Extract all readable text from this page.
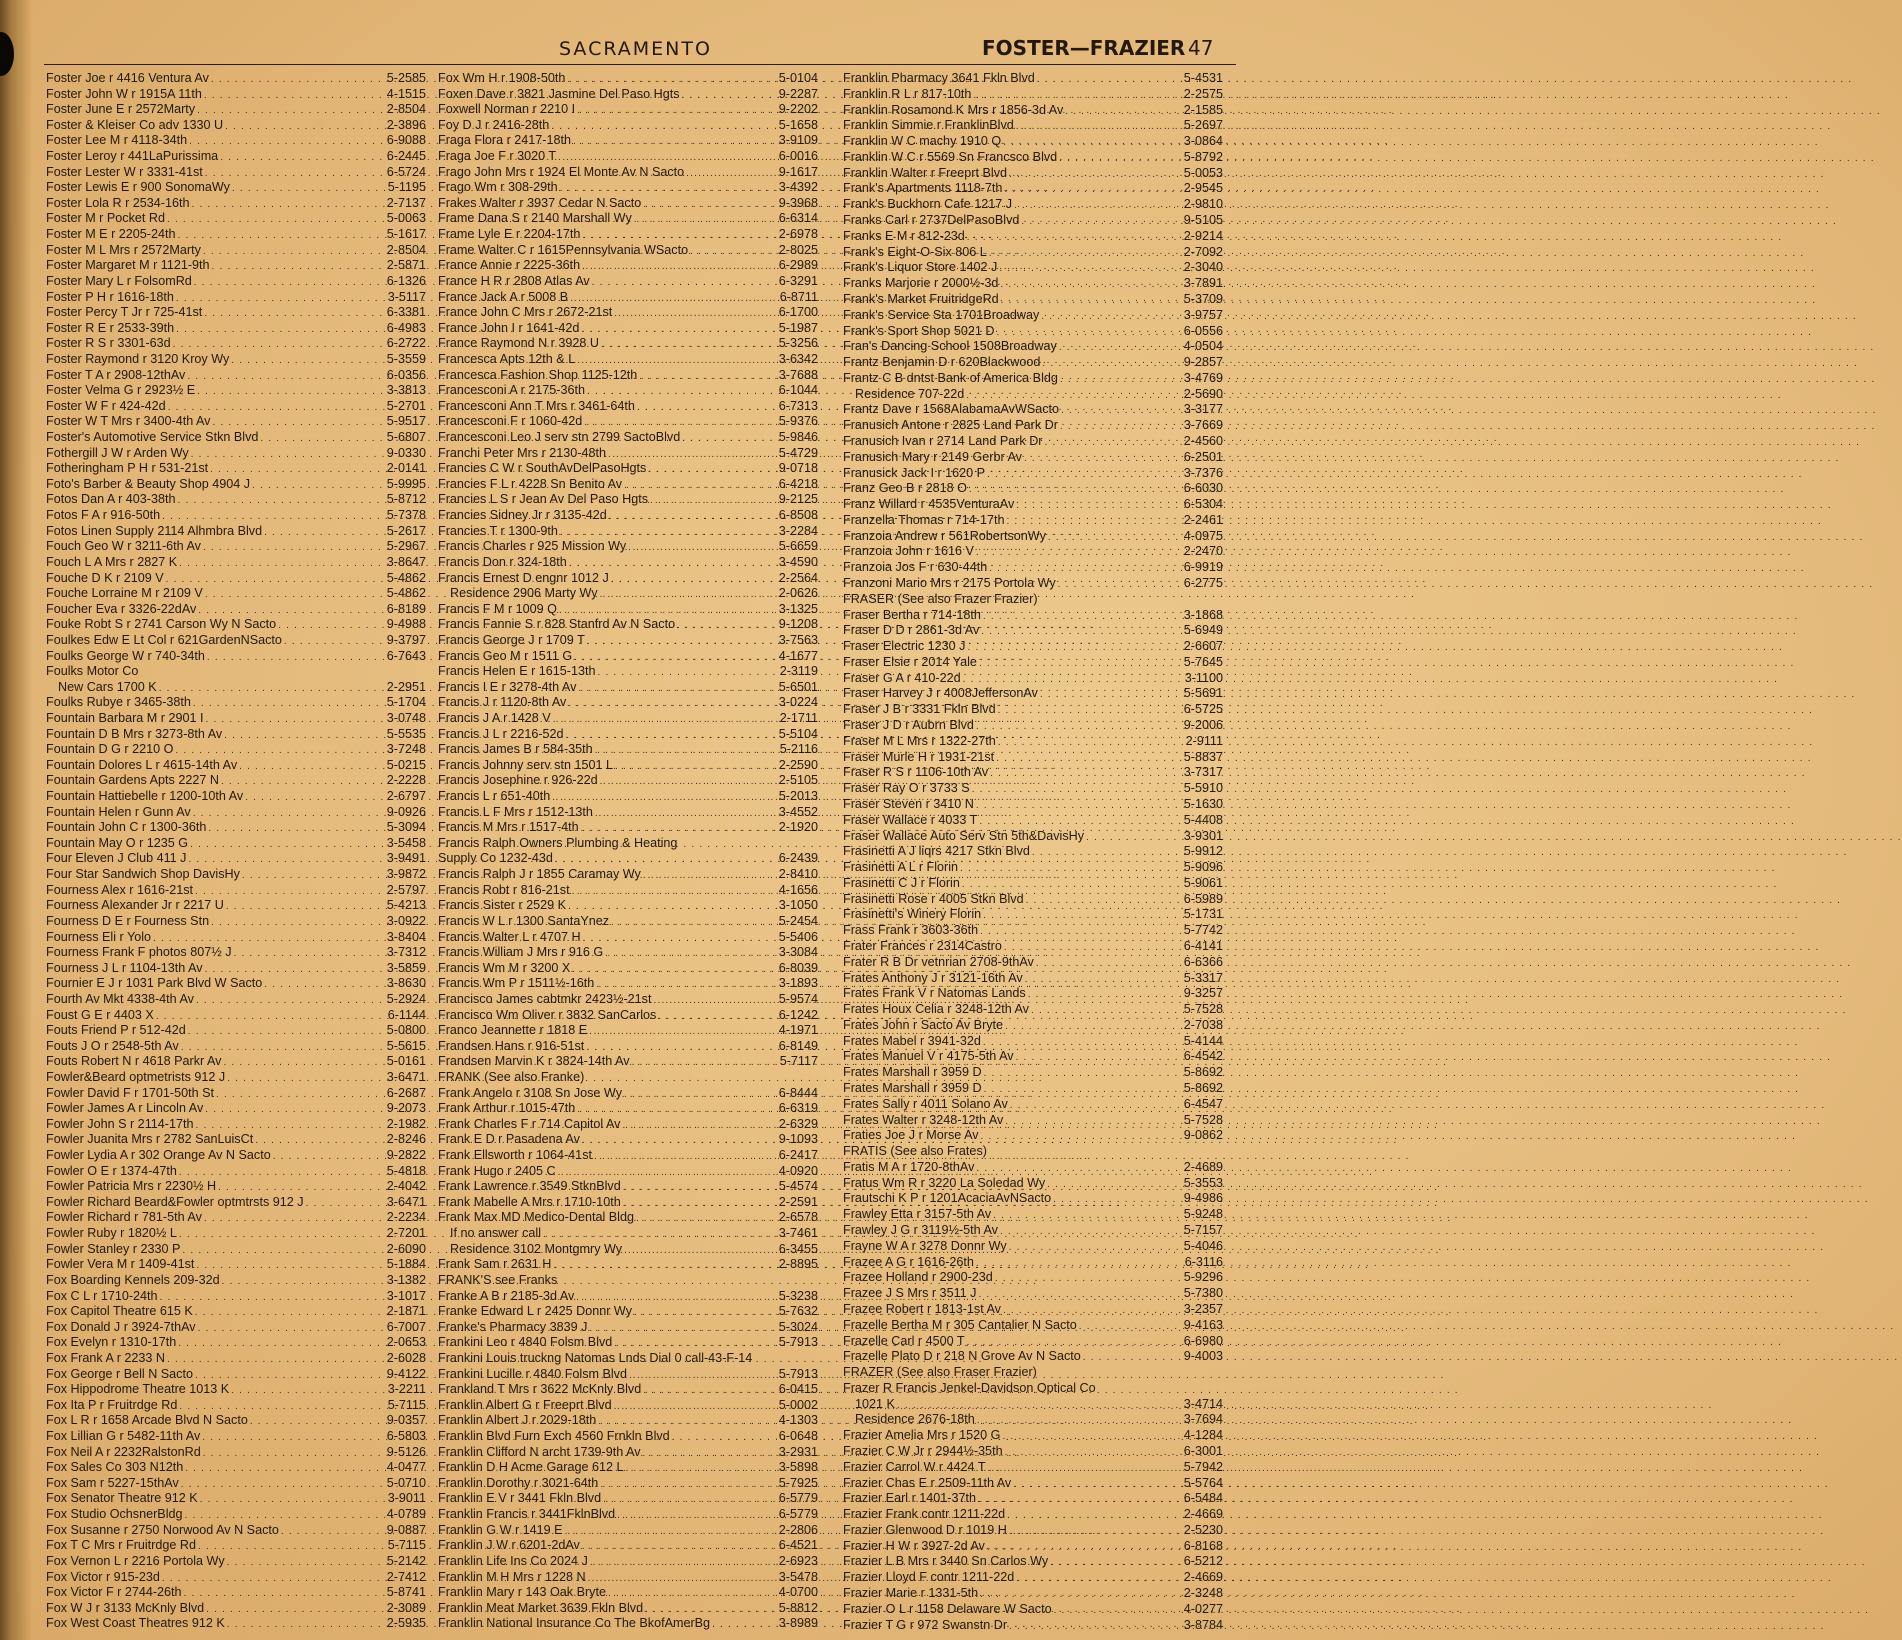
SACRAMENTO	FOSTER—FRAZIER 47
Foster Joe r 4416 Ventura Av . . .	5-2585
Foster John W r 1915A 11th . . .	4-1515
Foster June E r 2572Marty . . .	2-8504
Foster & Kleiser Co adv 1330 U . . .	2-3896
Foster Lee M r 4118-34th . . .	6-9088
Foster Leroy r 441LaPurissima . . .	6-2445
Foster Lester W r 3331-41st . . .	6-5724
Foster Lewis E r 900 SonomaWy . . .	5-1195
Foster Lola R r 2534-16th . . .	2-7137
Foster M r Pocket Rd . . .	5-0063
Foster M E r 2205-24th . . .	5-1617
Foster M L Mrs r 2572Marty . . .	2-8504
Foster Margaret M r 1121-9th . . .	2-5871
Foster Mary L r FolsomRd . . .	6-1326
Foster P H r 1616-18th . . .	3-5117
Foster Percy T Jr r 725-41st . . .	6-3381
Foster R E r 2533-39th . . .	6-4983
Foster R S r 3301-63d . . .	6-2722
Foster Raymond r 3120 Kroy Wy . . .	5-3559
Foster T A r 2908-12thAv . . .	6-0356
Foster Velma G r 2923½ E . . .	3-3813
Foster W F r 424-42d . . .	5-2701
Foster W T Mrs r 3400-4th Av . . .	5-9517
Foster's Automotive Service Stkn Blvd . . .	5-6807
Fothergill J W r Arden Wy . . .	9-0330
Fotheringham P H r 531-21st . . .	2-0141
Foto's Barber & Beauty Shop 4904 J . . .	5-9995
Fotos Dan A r 403-38th . . .	5-8712
Fotos F A r 916-50th . . .	5-7378
Fotos Linen Supply 2114 Alhmbra Blvd . . .	5-2617
Fouch Geo W r 3211-6th Av . . .	5-2967
Fouch L A Mrs r 2827 K . . .	3-8647
Fouche D K r 2109 V . . .	5-4862
Fouche Lorraine M r 2109 V . . .	5-4862
Foucher Eva r 3326-22dAv . . .	6-8189
Fouke Robt S r 2741 Carson Wy N Sacto . . .	9-4988
Foulkes Edw E Lt Col r 621GardenNSacto . . .	9-3797
Foulks George W r 740-34th . . .	6-7643
Foulks Motor Co
New Cars 1700 K . . .	2-2951
Foulks Rubye r 3465-38th . . .	5-1704
Fountain Barbara M r 2901 I . . .	3-0748
Fountain D B Mrs r 3273-8th Av . . .	5-5535
Fountain D G r 2210 O . . .	3-7248
Fountain Dolores L r 4615-14th Av . . .	5-0215
Fountain Gardens Apts 2227 N . . .	2-2228
Fountain Hattiebelle r 1200-10th Av . . .	2-6797
Fountain Helen r Gunn Av . . .	9-0926
Fountain John C r 1300-36th . . .	5-3094
Fountain May O r 1235 G . . .	3-5458
Four Eleven J Club 411 J . . .	3-9491
Four Star Sandwich Shop DavisHy . . .	3-9872
Fourness Alex r 1616-21st . . .	2-5797
Fourness Alexander Jr r 2217 U . . .	5-4213
Fourness D E r Fourness Stn . . .	3-0922
Fourness Eli r Yolo . . .	3-8404
Fourness Frank F photos 807½ J . . .	3-7312
Fourness J L r 1104-13th Av . . .	3-5859
Fournier E J r 1031 Park Blvd W Sacto . . .	3-8630
Fourth Av Mkt 4338-4th Av . . .	5-2924
Foust G E r 4403 X . . .	6-1144
Fouts Friend P r 512-42d . . .	5-0800
Fouts J O r 2548-5th Av . . .	5-5615
Fouts Robert N r 4618 Parkr Av . . .	5-0161
Fowler&Beard optmetrists 912 J . . .	3-6471
Fowler David F r 1701-50th St . . .	6-2687
Fowler James A r Lincoln Av . . .	9-2073
Fowler John S r 2114-17th . . .	2-1982
Fowler Juanita Mrs r 2782 SanLuisCt . . .	2-8246
Fowler Lydia A r 302 Orange Av N Sacto . . .	9-2822
Fowler O E r 1374-47th . . .	5-4818
Fowler Patricia Mrs r 2230½ H . . .	2-4042
Fowler Richard Beard&Fowler optmtrsts 912 J . . .	3-6471
Fowler Richard r 781-5th Av . . .	2-2234
Fowler Ruby r 1820½ L . . .	2-7201
Fowler Stanley r 2330 P . . .	2-6090
Fowler Vera M r 1409-41st . . .	5-1884
Fox Boarding Kennels 209-32d . . .	3-1382
Fox C L r 1710-24th . . .	3-1017
Fox Capitol Theatre 615 K . . .	2-1871
Fox Donald J r 3924-7thAv . . .	6-7007
Fox Evelyn r 1310-17th . . .	2-0653
Fox Frank A r 2233 N . . .	2-6028
Fox George r Bell N Sacto . . .	9-4122
Fox Hippodrome Theatre 1013 K . . .	3-2211
Fox Ita P r Fruitrdge Rd . . .	5-7115
Fox L R r 1658 Arcade Blvd N Sacto . . .	9-0357
Fox Lillian G r 5482-11th Av . . .	6-5803
Fox Neil A r 2232RalstonRd . . .	9-5126
Fox Sales Co 303 N12th . . .	4-0477
Fox Sam r 5227-15thAv . . .	5-0710
Fox Senator Theatre 912 K . . .	3-9011
Fox Studio OchsnerBldg . . .	4-0789
Fox Susanne r 2750 Norwood Av N Sacto . . .	9-0887
Fox T C Mrs r Fruitrdge Rd . . .	5-7115
Fox Vernon L r 2216 Portola Wy . . .	5-2142
Fox Victor r 915-23d . . .	2-7412
Fox Victor F r 2744-26th . . .	5-8741
Fox W J r 3133 McKnly Blvd . . .	2-3089
Fox West Coast Theatres 912 K . . .	2-5935
Fox Wm H r 1908-50th . . .	5-0104
Foxen Dave r 3821 Jasmine Del Paso Hgts . . .	9-2287
Foxwell Norman r 2210 I . . .	9-2202
Foy D J r 2416-28th . . .	5-1658
Fraga Flora r 2417-18th . . .	3-9109
Fraga Joe F r 3020 T . . .	6-0016
Frago John Mrs r 1924 El Monte Av N Sacto . . .	9-1617
Frago Wm r 308-29th . . .	3-4392
Frakes Walter r 3937 Cedar N Sacto . . .	9-3968
Frame Dana S r 2140 Marshall Wy . . .	6-6314
Frame Lyle E r 2204-17th . . .	2-6978
Frame Walter C r 1615Pennsylvania WSacto . . .	2-8025
France Annie r 2225-36th . . .	6-2989
France H R r 2808 Atlas Av . . .	6-3291
France Jack A r 5008 B . . .	6-8711
France John C Mrs r 2672-21st . . .	6-1700
France John I r 1641-42d . . .	5-1987
France Raymond N r 3928 U . . .	5-3256
Francesca Apts 12th & L . . .	3-6342
Francesca Fashion Shop 1125-12th . . .	3-7688
Francesconi A r 2175-36th . . .	6-1044
Francesconi Ann T Mrs r 3461-64th . . .	6-7313
Francesconi F r 1060-42d . . .	5-9376
Francesconi Leo J serv stn 2799 SactoBlvd . . .	5-9846
Franchi Peter Mrs r 2130-48th . . .	5-4729
Francies C W r SouthAvDelPasoHgts . . .	9-0718
Francies F L r 4228 Sn Benito Av . . .	6-4218
Francies L S r Jean Av Del Paso Hgts . . .	9-2125
Francies Sidney Jr r 3135-42d . . .	6-8508
Francies T r 1300-9th . . .	3-2284
Francis Charles r 925 Mission Wy . . .	5-6659
Francis Don r 324-18th . . .	3-4590
Francis Ernest D engnr 1012 J . . .	2-2564
Residence 2906 Marty Wy . . .	2-0626
Francis F M r 1009 Q . . .	3-1325
Francis Fannie S r 828 Stanfrd Av N Sacto . . .	9-1208
Francis George J r 1709 T . . .	3-7563
Francis Geo M r 1511 G . . .	4-1677
Francis Helen E r 1615-13th . . .	2-3119
Francis I E r 3278-4th Av . . .	5-6501
Francis J r 1120-8th Av . . .	3-0224
Francis J A r 1428 V . . .	2-1711
Francis J L r 2216-52d . . .	5-5104
Francis James B r 584-35th . . .	5-2116
Francis Johnny serv stn 1501 L . . .	2-2590
Francis Josephine r 926-22d . . .	2-5105
Francis L r 651-40th . . .	5-2013
Francis L F Mrs r 1512-13th . . .	3-4552
Francis M Mrs r 1517-4th . . .	2-1920
Francis Ralph Owners Plumbing & Heating
Supply Co 1232-43d . . .	6-2439
Francis Ralph J r 1855 Caramay Wy . . .	2-8410
Francis Robt r 816-21st . . .	4-1656
Francis Sister r 2529 K . . .	3-1050
Francis W L r 1300 SantaYnez . . .	5-2454
Francis Walter L r 4707 H . . .	5-5406
Francis William J Mrs r 916 G . . .	3-3084
Francis Wm M r 3200 X . . .	6-8039
Francis Wm P r 1511½-16th . . .	3-1893
Francisco James cabtmkr 2423½-21st . . .	5-9574
Francisco Wm Oliver r 3832 SanCarlos . . .	6-1242
Franco Jeannette r 1818 E . . .	4-1971
Frandsen Hans r 916-51st . . .	6-8149
Frandsen Marvin K r 3824-14th Av . . .	5-7117
FRANK (See also Franke)
Frank Angelo r 3108 Sn Jose Wy . . .	6-8444
Frank Arthur r 1015-47th . . .	6-6319
Frank Charles F r 714 Capitol Av . . .	2-6329
Frank E D r Pasadena Av . . .	9-1093
Frank Ellsworth r 1064-41st . . .	6-2417
Frank Hugo r 2405 C . . .	4-0920
Frank Lawrence r 3549 StknBlvd . . .	5-4574
Frank Mabelle A Mrs r 1710-10th . . .	2-2591
Frank Max MD Medico-Dental Bldg . . .	2-6578
If no answer call . . .	3-7461
Residence 3102 Montgmry Wy . . .	6-3455
Frank Sam r 2631 H . . .	2-8895
FRANK'S see Franks
Franke A B r 2185-3d Av . . .	5-3238
Franke Edward L r 2425 Donnr Wy . . .	5-7632
Franke's Pharmacy 3839 J . . .	5-3024
Frankini Leo r 4840 Folsm Blvd . . .	5-7913
Frankini Louis truckng Natomas Lnds Dial 0 call-43-F-14
Frankini Lucille r 4840 Folsm Blvd . . .	5-7913
Frankland T Mrs r 3622 McKnly Blvd . . .	6-0415
Franklin Albert G r Freeprt Blvd . . .	5-0002
Franklin Albert J r 2029-18th . . .	4-1303
Franklin Blvd Furn Exch 4560 Frnkln Blvd . . .	6-0648
Franklin Clifford N archt 1739-9th Av . . .	3-2931
Franklin D H Acme Garage 612 L . . .	3-5898
Franklin Dorothy r 3021-64th . . .	5-7925
Franklin E V r 3441 Fkln Blvd . . .	6-5779
Franklin Francis r 3441FklnBlvd . . .	6-5779
Franklin G W r 1419 E . . .	2-2806
Franklin J W r 6201-2dAv . . .	6-4521
Franklin Life Ins Co 2024 J . . .	2-6923
Franklin M H Mrs r 1228 N . . .	3-5478
Franklin Mary r 143 Oak Bryte . . .	4-0700
Franklin Meat Market 3639 Fkln Blvd . . .	5-8812
Franklin National Insurance Co The BkofAmerBg . . .	3-8989
Franklin Pharmacy 3641 Fkln Blvd . . .	5-4531
Franklin R L r 817-10th . . .	2-2575
Franklin Rosamond K Mrs r 1856-3d Av . . .	2-1585
Franklin Simmie r FranklinBlvd . . .	5-2697
Franklin W C machy 1910 Q . . .	3-0864
Franklin W C r 5569 Sn Francsco Blvd . . .	5-8792
Franklin Walter r Freeprt Blvd . . .	5-0053
Frank's Apartments 1118-7th . . .	2-9545
Frank's Buckhorn Cafe 1217 J . . .	2-9810
Franks Carl r 2737DelPasoBlvd . . .	9-5105
Franks E M r 812-23d . . .	2-9214
Frank's Eight-O-Six 806 L . . .	2-7092
Frank's Liquor Store 1402 J . . .	2-3040
Franks Marjorie r 2000½-3d . . .	3-7891
Frank's Market FruitridgeRd . . .	5-3709
Frank's Service Sta 1701Broadway . . .	3-9757
Frank's Sport Shop 5021 D . . .	6-0556
Fran's Dancing School 1508Broadway . . .	4-0504
Frantz Benjamin D r 620Blackwood . . .	9-2857
Frantz C B dntst Bank of America Bldg . . .	3-4769
Residence 707-22d . . .	2-5690
Frantz Dave r 1568AlabamaAvWSacto . . .	3-3177
Franusich Antone r 2825 Land Park Dr . . .	3-7669
Franusich Ivan r 2714 Land Park Dr . . .	2-4560
Franusich Mary r 2149 Gerbr Av . . .	6-2501
Franusick Jack I r 1620 P . . .	3-7376
Franz Geo B r 2818 O . . .	6-6030
Franz Willard r 4535VenturaAv . . .	6-5304
Franzella Thomas r 714-17th . . .	2-2461
Franzoia Andrew r 561RobertsonWy . . .	4-0975
Franzoia John r 1616 V . . .	2-2470
Franzoia Jos F r 630-44th . . .	6-9919
Franzoni Mario Mrs r 2175 Portola Wy . . .	6-2775
FRASER (See also Frazer Frazier)
Fraser Bertha r 714-18th . . .	3-1868
Fraser D D r 2861-3d Av . . .	5-6949
Fraser Electric 1230 J . . .	2-6607
Fraser Elsie r 2014 Yale . . .	5-7645
Fraser G A r 410-22d . . .	3-1100
Fraser Harvey J r 4008JeffersonAv . . .	5-5691
Fraser J B r 3331 Fkln Blvd . . .	6-5725
Fraser J D r Aubrn Blvd . . .	9-2006
Fraser M L Mrs r 1322-27th . . .	2-9111
Fraser Murle H r 1931-21st . . .	5-8837
Fraser R S r 1106-10th Av . . .	3-7317
Fraser Ray O r 3733 S . . .	5-5910
Fraser Steven r 3410 N . . .	5-1630
Fraser Wallace r 4033 T . . .	5-4408
Fraser Wallace Auto Serv Stn 5th&DavisHy . . .	3-9301
Frasinetti A J liqrs 4217 Stkn Blvd . . .	5-9912
Frasinetti A L r Florin . . .	5-9096
Frasinetti C J r Florin . . .	5-9061
Frasinetti Rose r 4005 Stkn Blvd . . .	6-5989
Frasinetti's Winery Florin . . .	5-1731
Frass Frank r 3603-36th . . .	5-7742
Frater Frances r 2314Castro . . .	6-4141
Frater R B Dr vetnrian 2708-9thAv . . .	6-6366
Frates Anthony J r 3121-16th Av . . .	5-3317
Frates Frank V r Natomas Lands . . .	9-3257
Frates Houx Celia r 3248-12th Av . . .	5-7528
Frates John r Sacto Av Bryte . . .	2-7038
Frates Mabel r 3941-32d . . .	5-4144
Frates Manuel V r 4175-5th Av . . .	6-4542
Frates Marshall r 3959 D . . .	5-8692
Frates Marshall r 3959 D . . .	5-8692
Frates Sally r 4011 Solano Av . . .	6-4547
Frates Walter r 3248-12th Av . . .	5-7528
Fraties Joe J r Morse Av . . .	9-0862
FRATIS (See also Frates)
Fratis M A r 1720-8thAv . . .	2-4689
Fratus Wm R r 3220 La Soledad Wy . . .	5-3553
Frautschi K P r 1201AcaciaAvNSacto . . .	9-4986
Frawley Etta r 3157-5th Av . . .	5-9248
Frawley J G r 3119½-5th Av . . .	5-7157
Frayne W A r 3278 Donnr Wy . . .	5-4046
Frazee A G r 1616-26th . . .	6-3116
Frazee Holland r 2900-23d . . .	5-9296
Frazee J S Mrs r 3511 J . . .	5-7380
Frazee Robert r 1813-1st Av . . .	3-2357
Frazelle Bertha M r 305 Cantalier N Sacto . . .	9-4163
Frazelle Carl r 4500 T . . .	6-6980
Frazelle Plato D r 218 N Grove Av N Sacto . . .	9-4003
FRAZER (See also Fraser Frazier)
Frazer R Francis Jenkel-Davidson Optical Co
1021 K . . .	3-4714
Residence 2676-18th . . .	3-7694
Frazier Amelia Mrs r 1520 G . . .	4-1284
Frazier C W Jr r 2944½-35th . . .	6-3001
Frazier Carrol W r 4424 T . . .	5-7942
Frazier Chas E r 2509-11th Av . . .	5-5764
Frazier Earl r 1401-37th . . .	6-5484
Frazier Frank contr 1211-22d . . .	2-4669
Frazier Glenwood D r 1019 H . . .	2-5230
Frazier H W r 3927-2d Av . . .	6-8168
Frazier L B Mrs r 3440 Sn Carlos Wy . . .	6-5212
Frazier Lloyd F contr 1211-22d . . .	2-4669
Frazier Marie r 1331-5th . . .	2-3248
Frazier O L r 1158 Delaware W Sacto . . .	4-0277
Frazier T G r 972 Swanstn Dr . . .	3-8784
